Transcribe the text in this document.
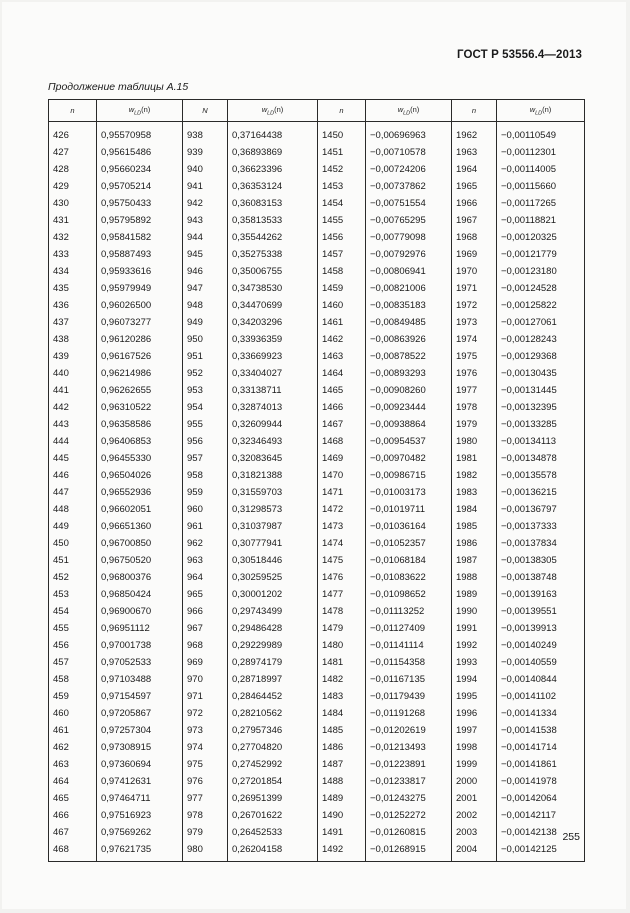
ГОСТ Р 53556.4—2013
Продолжение таблицы А.15
n	$w_{LD}(n)$	N	$w_{LD}(n)$	n	$w_{LD}(n)$	n	$w_{LD}(n)$

426	0,95570958	938	0,37164438	1450	−0,00696963	1962	−0,00110549
427	0,95615486	939	0,36893869	1451	−0,00710578	1963	−0,00112301
428	0,95660234	940	0,36623396	1452	−0,00724206	1964	−0,00114005
429	0,95705214	941	0,36353124	1453	−0,00737862	1965	−0,00115660
430	0,95750433	942	0,36083153	1454	−0,00751554	1966	−0,00117265
431	0,95795892	943	0,35813533	1455	−0,00765295	1967	−0,00118821
432	0,95841582	944	0,35544262	1456	−0,00779098	1968	−0,00120325
433	0,95887493	945	0,35275338	1457	−0,00792976	1969	−0,00121779
434	0,95933616	946	0,35006755	1458	−0,00806941	1970	−0,00123180
435	0,95979949	947	0,34738530	1459	−0,00821006	1971	−0,00124528
436	0,96026500	948	0,34470699	1460	−0,00835183	1972	−0,00125822
437	0,96073277	949	0,34203296	1461	−0,00849485	1973	−0,00127061
438	0,96120286	950	0,33936359	1462	−0,00863926	1974	−0,00128243
439	0,96167526	951	0,33669923	1463	−0,00878522	1975	−0,00129368
440	0,96214986	952	0,33404027	1464	−0,00893293	1976	−0,00130435
441	0,96262655	953	0,33138711	1465	−0,00908260	1977	−0,00131445
442	0,96310522	954	0,32874013	1466	−0,00923444	1978	−0,00132395
443	0,96358586	955	0,32609944	1467	−0,00938864	1979	−0,00133285
444	0,96406853	956	0,32346493	1468	−0,00954537	1980	−0,00134113
445	0,96455330	957	0,32083645	1469	−0,00970482	1981	−0,00134878
446	0,96504026	958	0,31821388	1470	−0,00986715	1982	−0,00135578
447	0,96552936	959	0,31559703	1471	−0,01003173	1983	−0,00136215
448	0,96602051	960	0,31298573	1472	−0,01019711	1984	−0,00136797
449	0,96651360	961	0,31037987	1473	−0,01036164	1985	−0,00137333
450	0,96700850	962	0,30777941	1474	−0,01052357	1986	−0,00137834
451	0,96750520	963	0,30518446	1475	−0,01068184	1987	−0,00138305
452	0,96800376	964	0,30259525	1476	−0,01083622	1988	−0,00138748
453	0,96850424	965	0,30001202	1477	−0,01098652	1989	−0,00139163
454	0,96900670	966	0,29743499	1478	−0,01113252	1990	−0,00139551
455	0,96951112	967	0,29486428	1479	−0,01127409	1991	−0,00139913
456	0,97001738	968	0,29229989	1480	−0,01141114	1992	−0,00140249
457	0,97052533	969	0,28974179	1481	−0,01154358	1993	−0,00140559
458	0,97103488	970	0,28718997	1482	−0,01167135	1994	−0,00140844
459	0,97154597	971	0,28464452	1483	−0,01179439	1995	−0,00141102
460	0,97205867	972	0,28210562	1484	−0,01191268	1996	−0,00141334
461	0,97257304	973	0,27957346	1485	−0,01202619	1997	−0,00141538
462	0,97308915	974	0,27704820	1486	−0,01213493	1998	−0,00141714
463	0,97360694	975	0,27452992	1487	−0,01223891	1999	−0,00141861
464	0,97412631	976	0,27201854	1488	−0,01233817	2000	−0,00141978
465	0,97464711	977	0,26951399	1489	−0,01243275	2001	−0,00142064
466	0,97516923	978	0,26701622	1490	−0,01252272	2002	−0,00142117
467	0,97569262	979	0,26452533	1491	−0,01260815	2003	−0,00142138
468	0,97621735	980	0,26204158	1492	−0,01268915	2004	−0,00142125
255
